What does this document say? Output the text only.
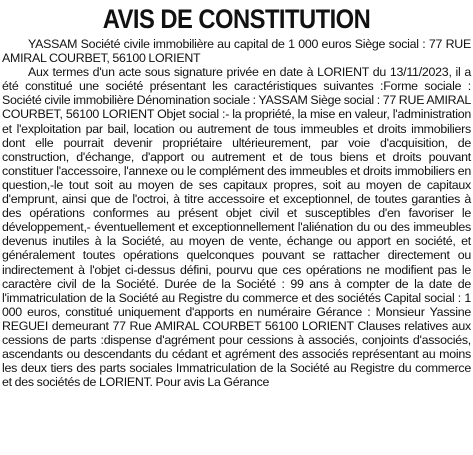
AVIS DE CONSTITUTION

YASSAM Société civile immobilière au capital de 1 000 euros Siège social : 77 RUE AMIRAL COURBET, 56100 LORIENT

Aux termes d'un acte sous signature privée en date à LORIENT du 13/11/2023, il a été constitué une société présentant les caractéristiques suivantes :Forme sociale : Société civile immobilière Dénomination sociale : YASSAM Siège social : 77 RUE AMIRAL COURBET, 56100 LORIENT Objet social :- la propriété, la mise en valeur, l'administration et l'exploitation par bail, location ou autrement de tous immeubles et droits immobiliers dont elle pourrait devenir propriétaire ultérieurement, par voie d'acquisition, de construction, d'échange, d'apport ou autrement et de tous biens et droits pouvant constituer l'accessoire, l'annexe ou le complément des immeubles et droits immobiliers en question,-le tout soit au moyen de ses capitaux propres, soit au moyen de capitaux d'emprunt, ainsi que de l'octroi, à titre accessoire et exceptionnel, de toutes garanties à des opérations conformes au présent objet civil et susceptibles d'en favoriser le développement,- éventuellement et exceptionnellement l'aliénation du ou des immeubles devenus inutiles à la Société, au moyen de vente, échange ou apport en société, et généralement toutes opérations quelconques pouvant se rattacher directement ou indirectement à l'objet ci-dessus défini, pourvu que ces opérations ne modifient pas le caractère civil de la Société. Durée de la Société : 99 ans à compter de la date de l'immatriculation de la Société au Registre du commerce et des sociétés Capital social : 1 000 euros, constitué uniquement d'apports en numéraire Gérance : Monsieur Yassine REGUEI demeurant 77 Rue AMIRAL COURBET 56100 LORIENT Clauses relatives aux cessions de parts :dispense d'agrément pour cessions à associés, conjoints d'associés, ascendants ou descendants du cédant et agrément des associés représentant au moins les deux tiers des parts sociales Immatriculation de la Société au Registre du commerce et des sociétés de LORIENT. Pour avis La Gérance
